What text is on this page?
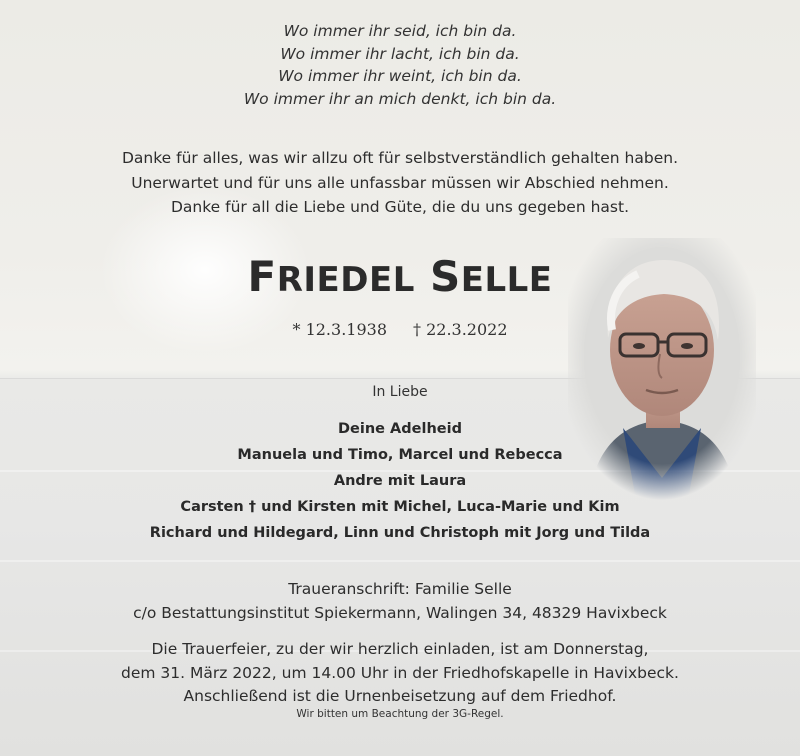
Wo immer ihr seid, ich bin da.
Wo immer ihr lacht, ich bin da.
Wo immer ihr weint, ich bin da.
Wo immer ihr an mich denkt, ich bin da.
Danke für alles, was wir allzu oft für selbstverständlich gehalten haben.
Unerwartet und für uns alle unfassbar müssen wir Abschied nehmen.
Danke für all die Liebe und Güte, die du uns gegeben hast.
FRIEDEL SELLE
* 12.3.1938 † 22.3.2022
In Liebe
Deine Adelheid
Manuela und Timo, Marcel und Rebecca
Andre mit Laura
Carsten † und Kirsten mit Michel, Luca-Marie und Kim
Richard und Hildegard, Linn und Christoph mit Jorg und Tilda
Traueranschrift: Familie Selle
c/o Bestattungsinstitut Spiekermann, Walingen 34, 48329 Havixbeck
Die Trauerfeier, zu der wir herzlich einladen, ist am Donnerstag,
dem 31. März 2022, um 14.00 Uhr in der Friedhofskapelle in Havixbeck.
Anschließend ist die Urnenbeisetzung auf dem Friedhof.
Wir bitten um Beachtung der 3G-Regel.
